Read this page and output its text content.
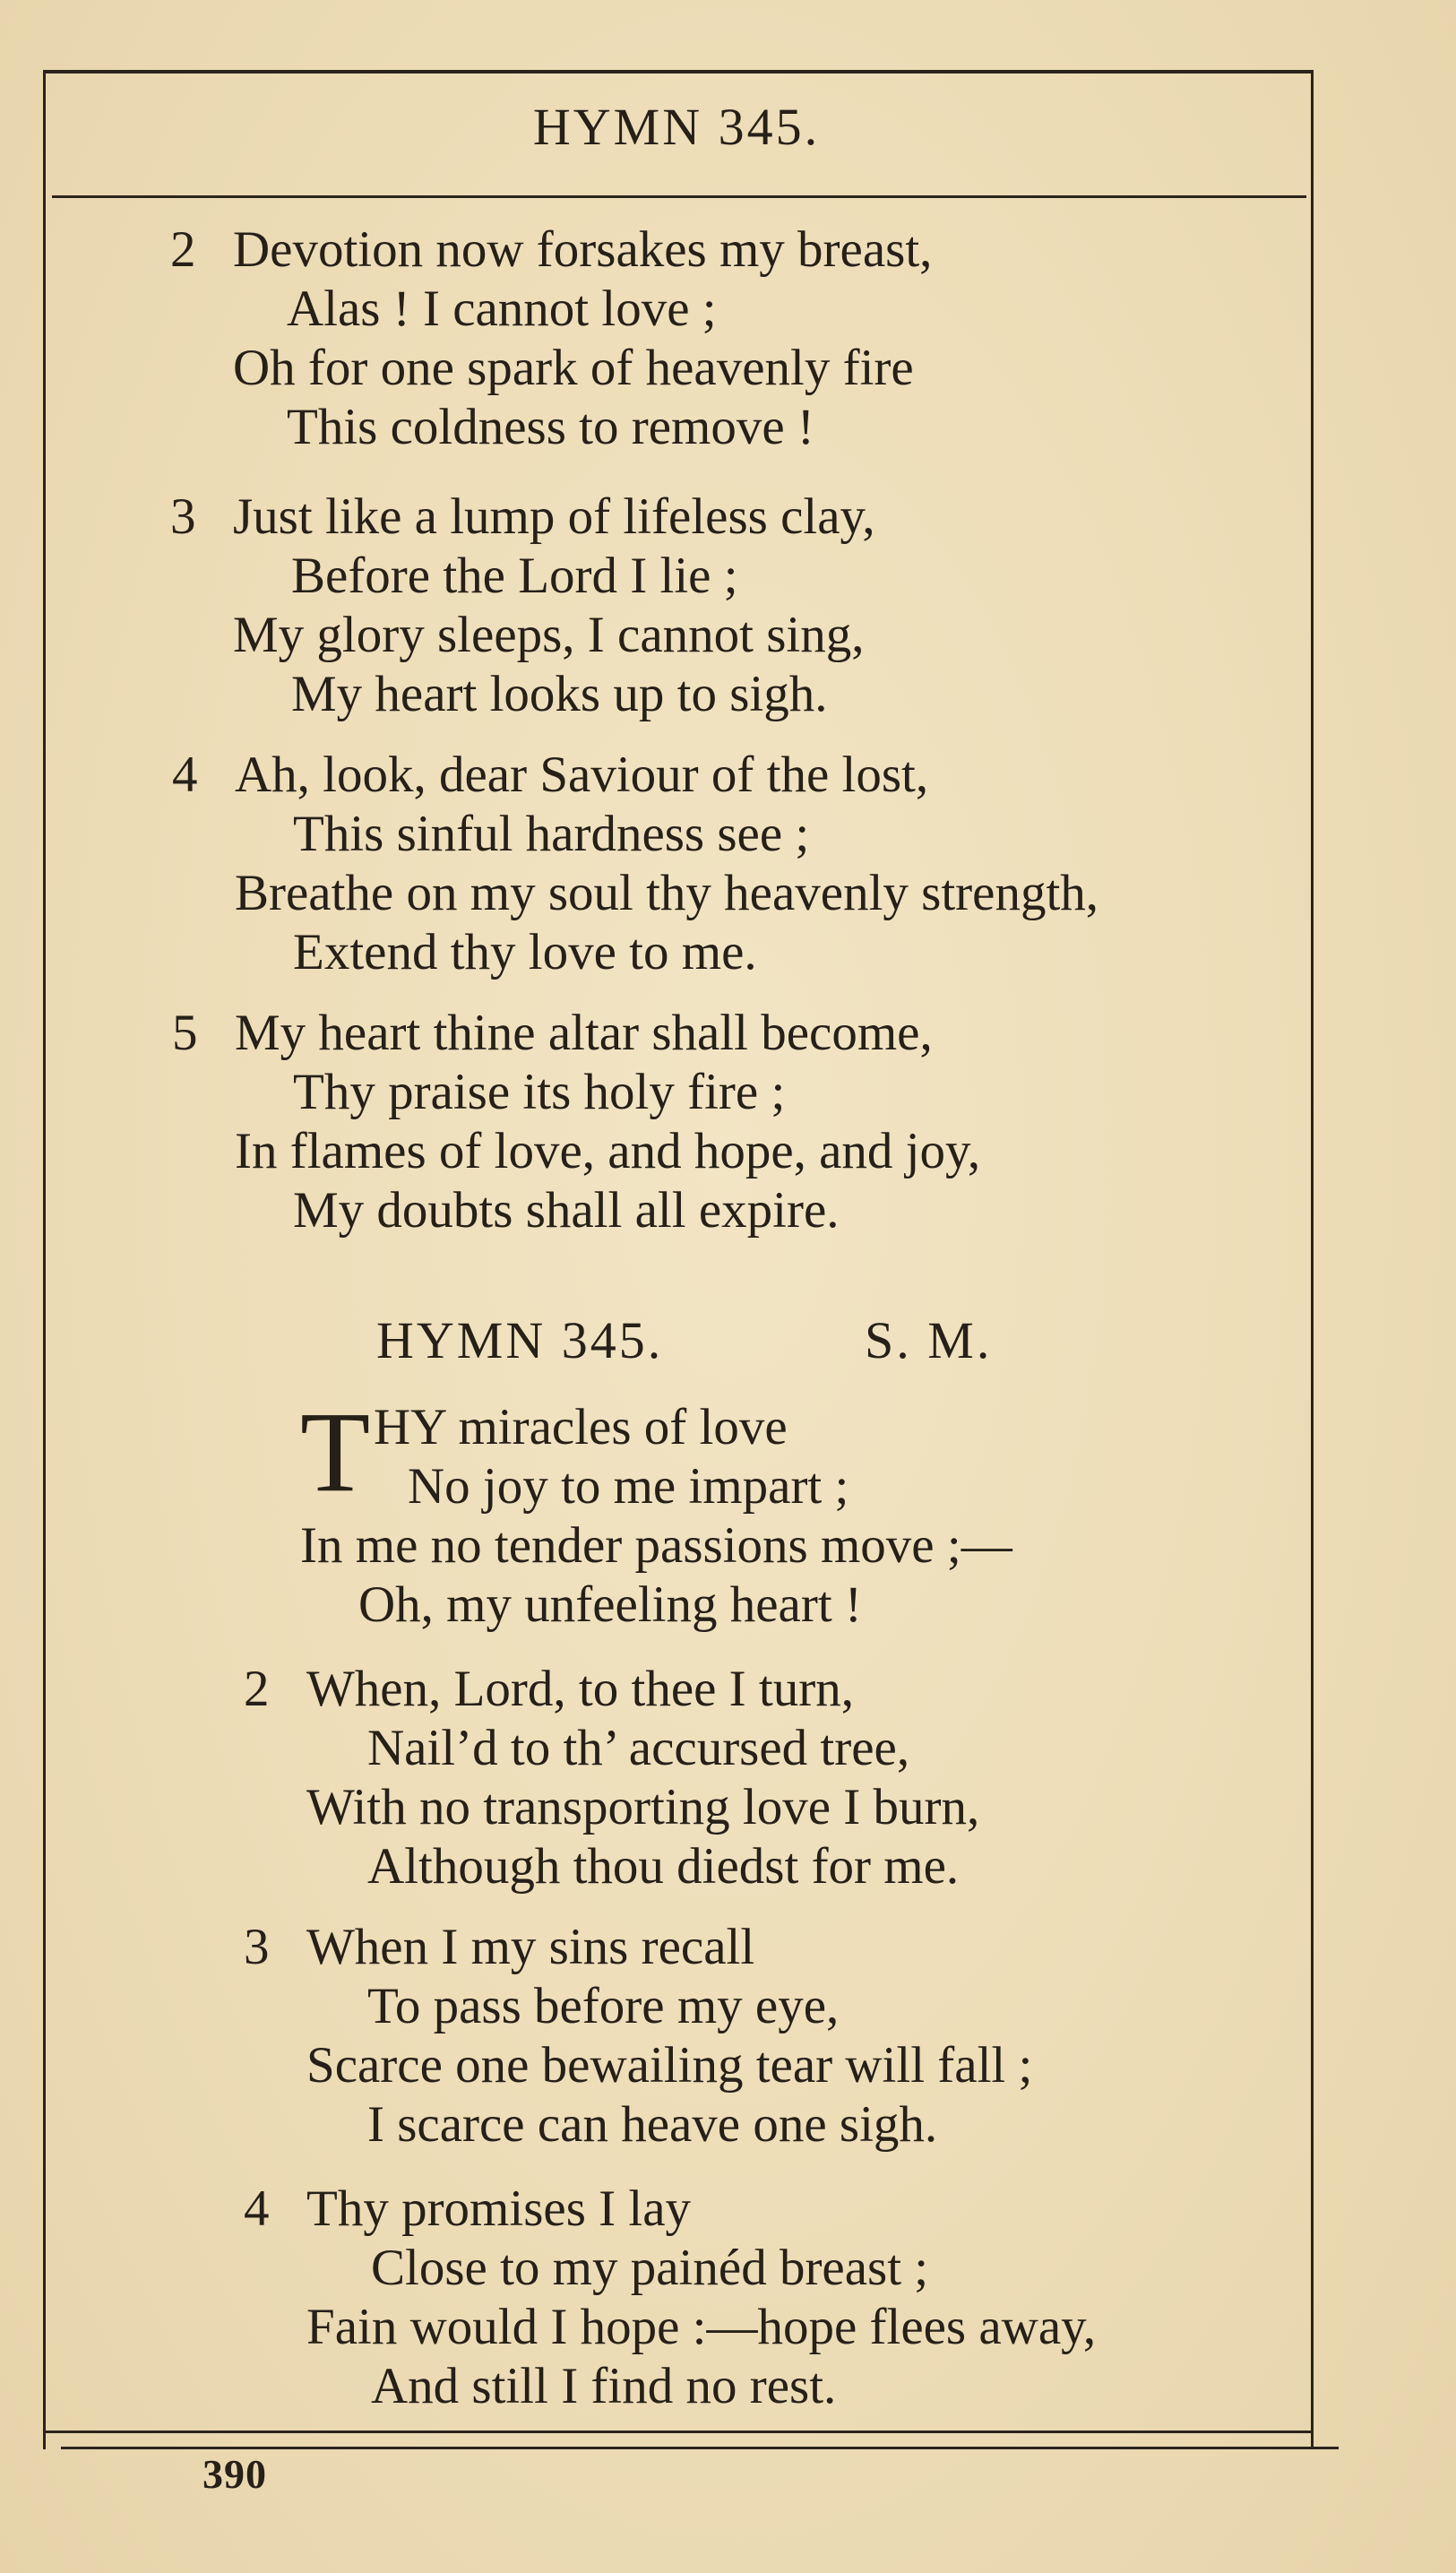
HYMN 345.
2 Devotion now forsakes my breast,
Alas ! I cannot love ;
Oh for one spark of heavenly fire
This coldness to remove !
3 Just like a lump of lifeless clay,
Before the Lord I lie ;
My glory sleeps, I cannot sing,
My heart looks up to sigh.
4 Ah, look, dear Saviour of the lost,
This sinful hardness see ;
Breathe on my soul thy heavenly strength,
Extend thy love to me.
5 My heart thine altar shall become,
Thy praise its holy fire ;
In flames of love, and hope, and joy,
My doubts shall all expire.
HYMN 345.	S. M.
T HY miracles of love
No joy to me impart ;
In me no tender passions move ;—
Oh, my unfeeling heart !
2 When, Lord, to thee I turn,
Nail’d to th’ accursed tree,
With no transporting love I burn,
Although thou diedst for me.
3 When I my sins recall
To pass before my eye,
Scarce one bewailing tear will fall ;
I scarce can heave one sigh.
4 Thy promises I lay
Close to my painéd breast ;
Fain would I hope :—hope flees away,
And still I find no rest.
390
